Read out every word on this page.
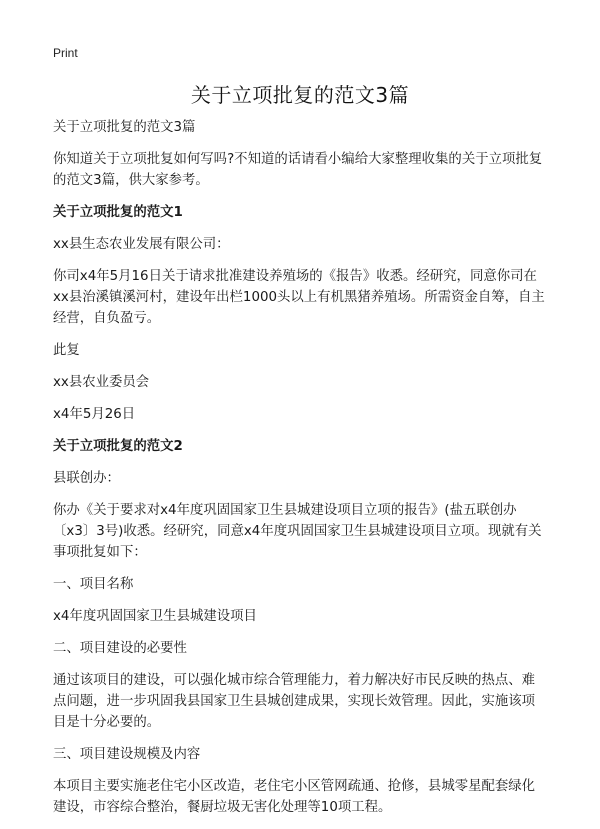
Print
关于立项批复的范文3篇

关于立项批复的范文3篇

你知道关于立项批复如何写吗?不知道的话请看小编给大家整理收集的关于立项批复的范文3篇，供大家参考。

关于立项批复的范文1

xx县生态农业发展有限公司：

你司x4年5月16日关于请求批准建设养殖场的《报告》收悉。经研究，同意你司在xx县治溪镇溪河村，建设年出栏1000头以上有机黑猪养殖场。所需资金自筹，自主经营，自负盈亏。

此复

xx县农业委员会

x4年5月26日

关于立项批复的范文2

县联创办：

你办《关于要求对x4年度巩固国家卫生县城建设项目立项的报告》(盐五联创办〔x3〕3号)收悉。经研究，同意x4年度巩固国家卫生县城建设项目立项。现就有关事项批复如下：

一、项目名称

x4年度巩固国家卫生县城建设项目

二、项目建设的必要性

通过该项目的建设，可以强化城市综合管理能力，着力解决好市民反映的热点、难点问题，进一步巩固我县国家卫生县城创建成果，实现长效管理。因此，实施该项目是十分必要的。

三、项目建设规模及内容

本项目主要实施老住宅小区改造，老住宅小区管网疏通、抢修，县城零星配套绿化建设，市容综合整治，餐厨垃圾无害化处理等10项工程。
